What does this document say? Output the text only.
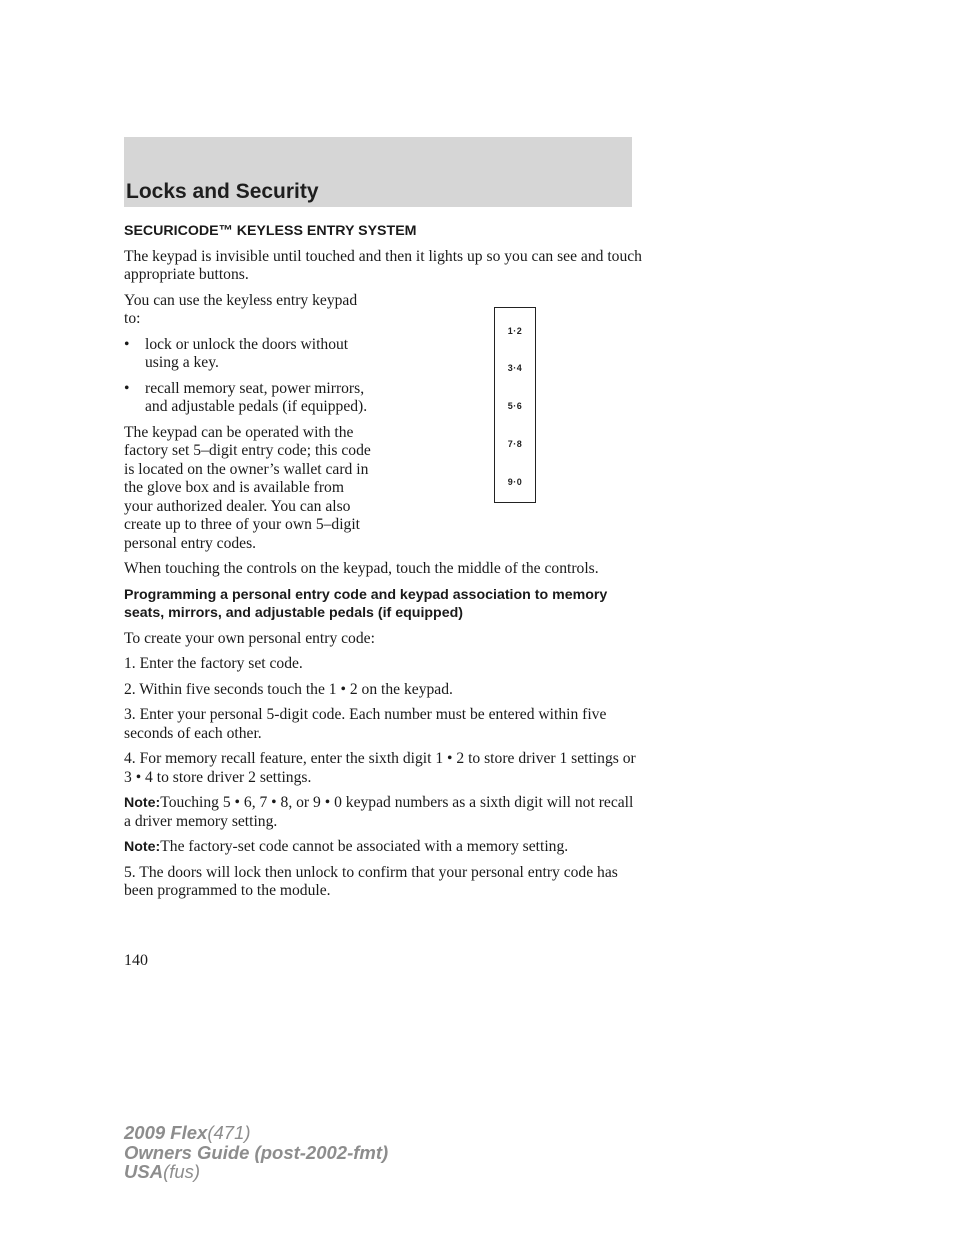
Locks and Security

SECURICODE™ KEYLESS ENTRY SYSTEM

The keypad is invisible until touched and then it lights up so you can see and touch appropriate buttons.

You can use the keyless entry keypad to:

• lock or unlock the doors without using a key.
• recall memory seat, power mirrors, and adjustable pedals (if equipped).

The keypad can be operated with the factory set 5–digit entry code; this code is located on the owner’s wallet card in the glove box and is available from your authorized dealer. You can also create up to three of your own 5–digit personal entry codes.

When touching the controls on the keypad, touch the middle of the controls.

Programming a personal entry code and keypad association to memory seats, mirrors, and adjustable pedals (if equipped)

To create your own personal entry code:

1. Enter the factory set code.

2. Within five seconds touch the 1 • 2 on the keypad.

3. Enter your personal 5-digit code. Each number must be entered within five seconds of each other.

4. For memory recall feature, enter the sixth digit 1 • 2 to store driver 1 settings or 3 • 4 to store driver 2 settings.

Note:Touching 5 • 6, 7 • 8, or 9 • 0 keypad numbers as a sixth digit will not recall a driver memory setting.

Note:The factory-set code cannot be associated with a memory setting.

5. The doors will lock then unlock to confirm that your personal entry code has been programmed to the module.

1·2
3·4
5·6
7·8
9·0
140
2009 Flex(471)
Owners Guide (post-2002-fmt)
USA(fus)
